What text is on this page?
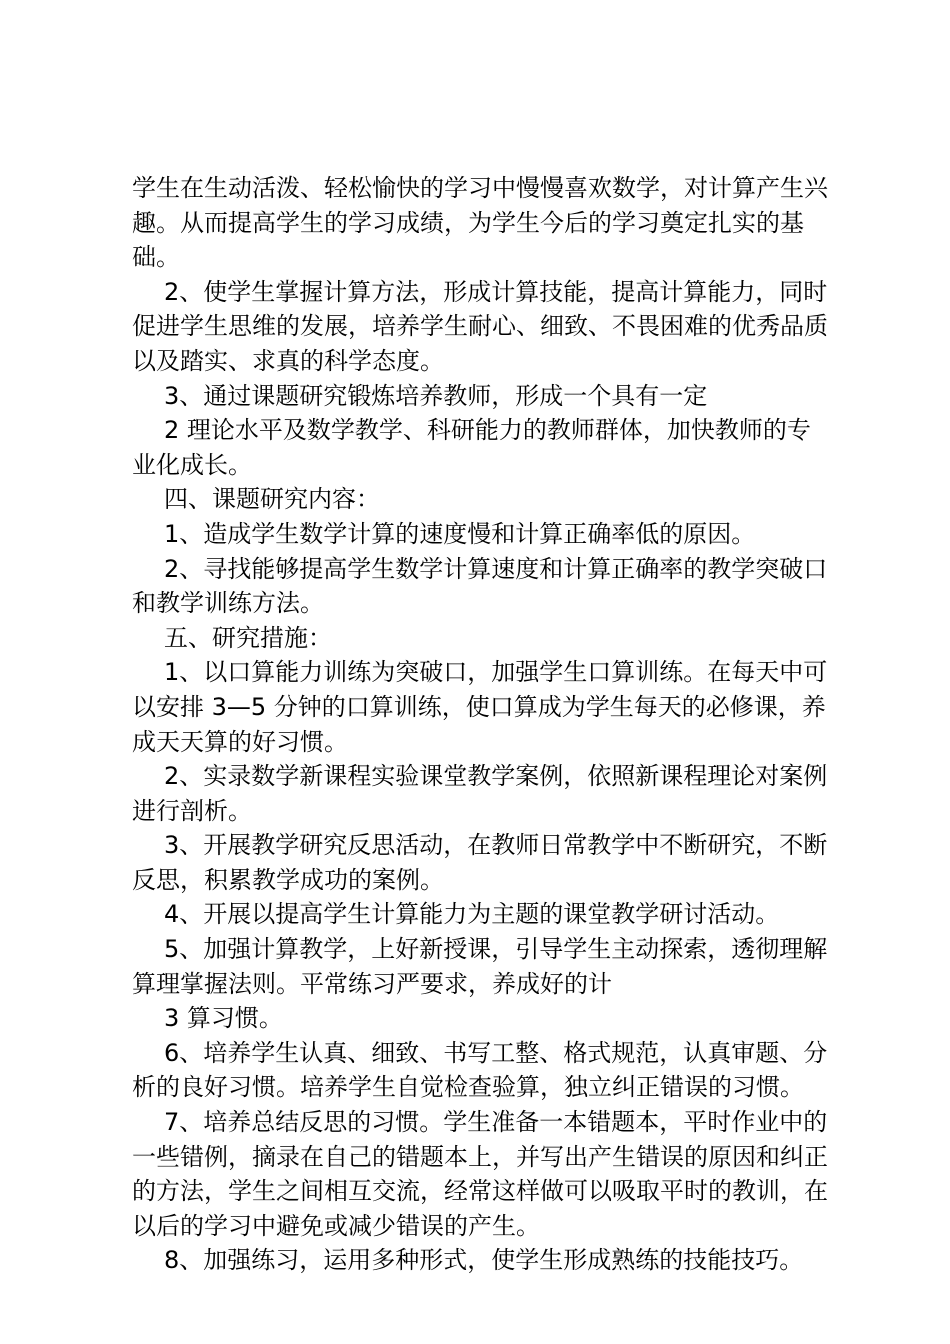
学生在生动活泼、轻松愉快的学习中慢慢喜欢数学，对计算产生兴趣。从而提高学生的学习成绩，为学生今后的学习奠定扎实的基础。

2、使学生掌握计算方法，形成计算技能，提高计算能力，同时促进学生思维的发展，培养学生耐心、细致、不畏困难的优秀品质以及踏实、求真的科学态度。

3、通过课题研究锻炼培养教师，形成一个具有一定

2 理论水平及数学教学、科研能力的教师群体，加快教师的专业化成长。

四、课题研究内容：

1、造成学生数学计算的速度慢和计算正确率低的原因。

2、寻找能够提高学生数学计算速度和计算正确率的教学突破口和教学训练方法。

五、研究措施：

1、以口算能力训练为突破口，加强学生口算训练。在每天中可以安排 3—5 分钟的口算训练，使口算成为学生每天的必修课，养成天天算的好习惯。

2、实录数学新课程实验课堂教学案例，依照新课程理论对案例进行剖析。

3、开展教学研究反思活动，在教师日常教学中不断研究，不断反思，积累教学成功的案例。

4、开展以提高学生计算能力为主题的课堂教学研讨活动。

5、加强计算教学，上好新授课，引导学生主动探索，透彻理解算理掌握法则。平常练习严要求，养成好的计

3 算习惯。

6、培养学生认真、细致、书写工整、格式规范，认真审题、分析的良好习惯。培养学生自觉检查验算，独立纠正错误的习惯。

7、培养总结反思的习惯。学生准备一本错题本，平时作业中的一些错例，摘录在自己的错题本上，并写出产生错误的原因和纠正的方法，学生之间相互交流，经常这样做可以吸取平时的教训，在以后的学习中避免或减少错误的产生。

8、加强练习，运用多种形式，使学生形成熟练的技能技巧。
